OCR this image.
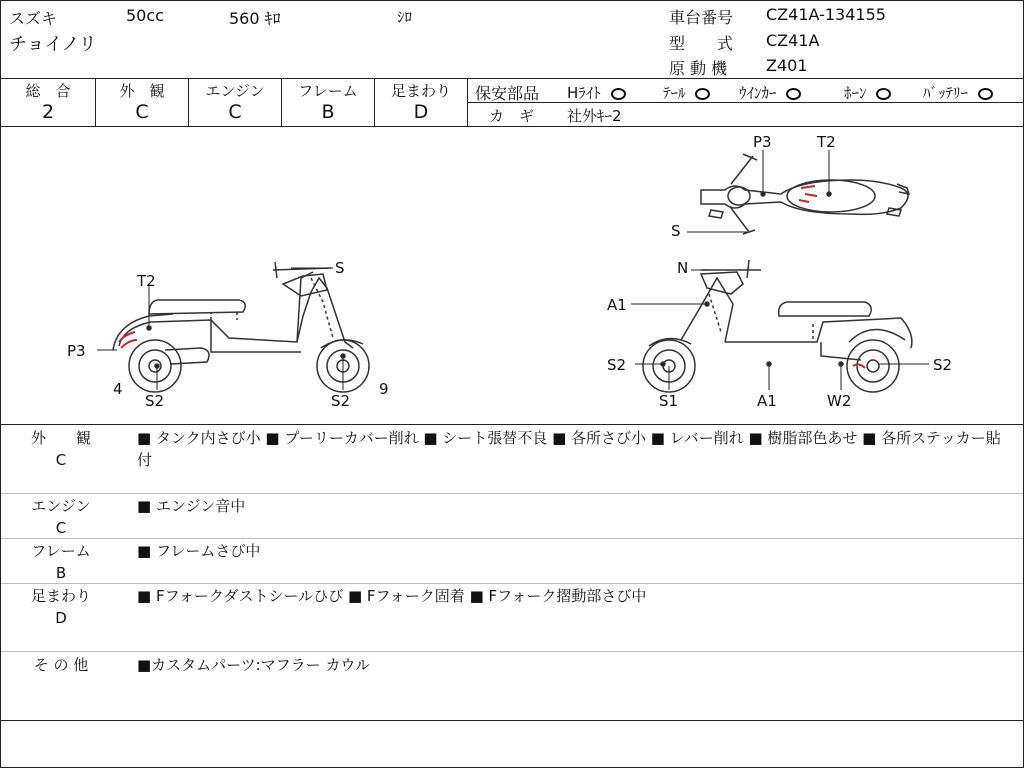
スズキ
チョイノリ
50cc	560 ｷﾛ	ｼﾛ	車台番号 CZ41A-134155
型　　式 CZ41A
原 動 機 Z401
総　合	外　観	エンジン	フレーム	足まわり
2	C	C	B	D
保安部品 Hﾗｲﾄ	ﾃｰﾙ	ｳｲﾝｶｰ	ﾎｰﾝ	ﾊﾞｯﾃﾘｰ
カ　ギ 社外ｷｰ2
T2
S
P3
4
S2	S2
9
N
A1
S2
S1	A1	W2
S2
P3	T2
S
外　　観
C
■ タンク内さび小 ■ プーリーカバー削れ ■ シート張替不良 ■ 各所さび小 ■ レバー削れ ■ 樹脂部色あせ ■ 各所ステッカー貼付
エンジン
C
■ エンジン音中
フレーム
B
■ フレームさび中
足まわり
D
■ Fフォークダストシールひび ■ Fフォーク固着 ■ Fフォーク摺動部さび中
そ の 他	■カスタムパーツ:マフラー カウル
